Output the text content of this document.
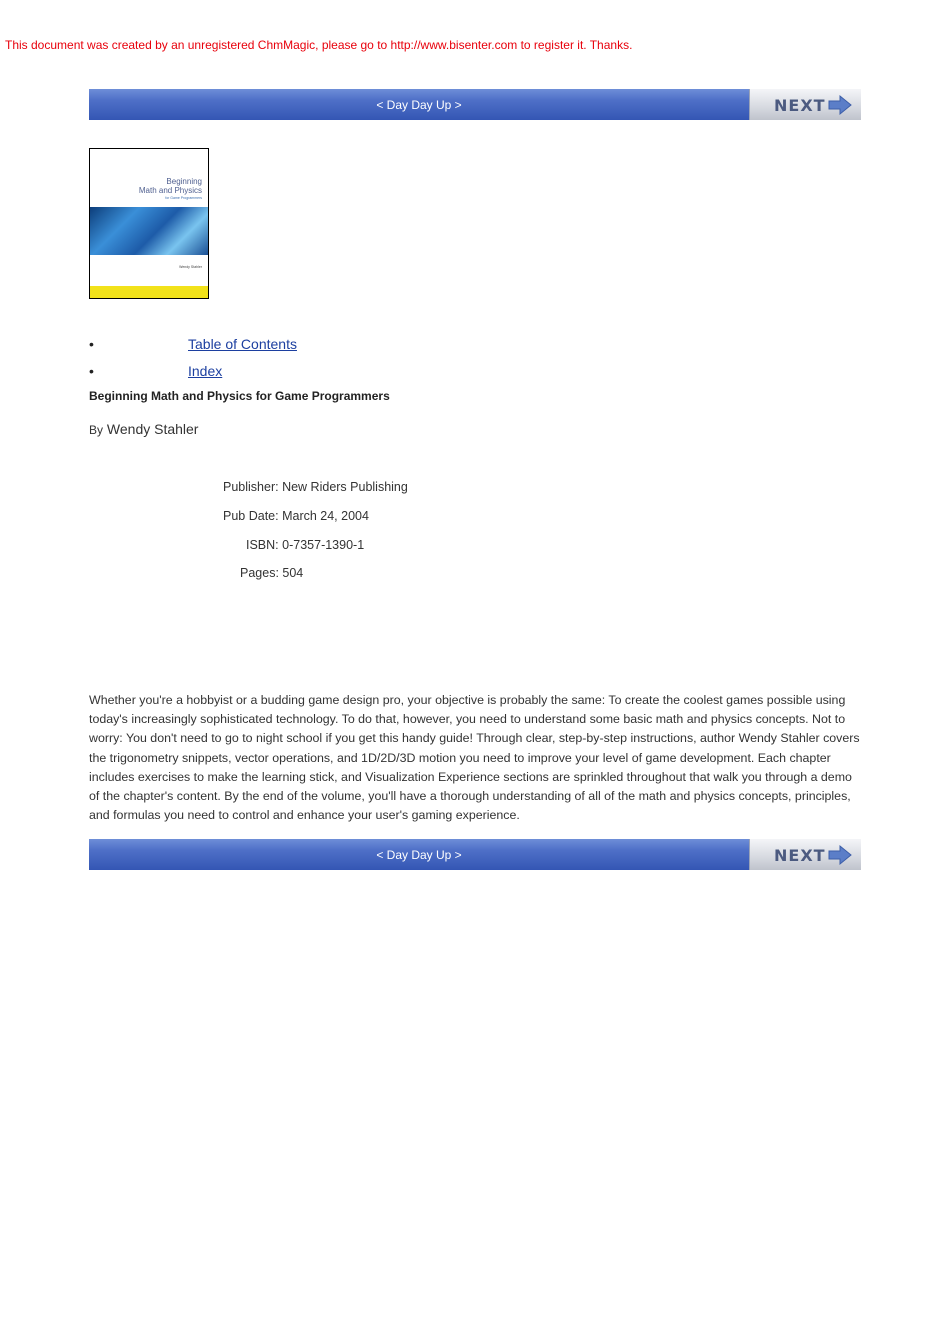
This document was created by an unregistered ChmMagic, please go to http://www.bisenter.com to register it. Thanks.
< Day Day Up >	NEXT
Beginning
Math and Physics
for Game Programmers
Wendy Stahler
•	Table of Contents
•	Index
Beginning Math and Physics for Game Programmers
By Wendy Stahler
Publisher: New Riders Publishing
Pub Date: March 24, 2004
ISBN: 0-7357-1390-1
Pages: 504
Whether you're a hobbyist or a budding game design pro, your objective is probably the same: To create the coolest games possible using today's increasingly sophisticated technology. To do that, however, you need to understand some basic math and physics concepts. Not to worry: You don't need to go to night school if you get this handy guide! Through clear, step-by-step instructions, author Wendy Stahler covers the trigonometry snippets, vector operations, and 1D/2D/3D motion you need to improve your level of game development. Each chapter includes exercises to make the learning stick, and Visualization Experience sections are sprinkled throughout that walk you through a demo of the chapter's content. By the end of the volume, you'll have a thorough understanding of all of the math and physics concepts, principles, and formulas you need to control and enhance your user's gaming experience.
< Day Day Up >	NEXT
